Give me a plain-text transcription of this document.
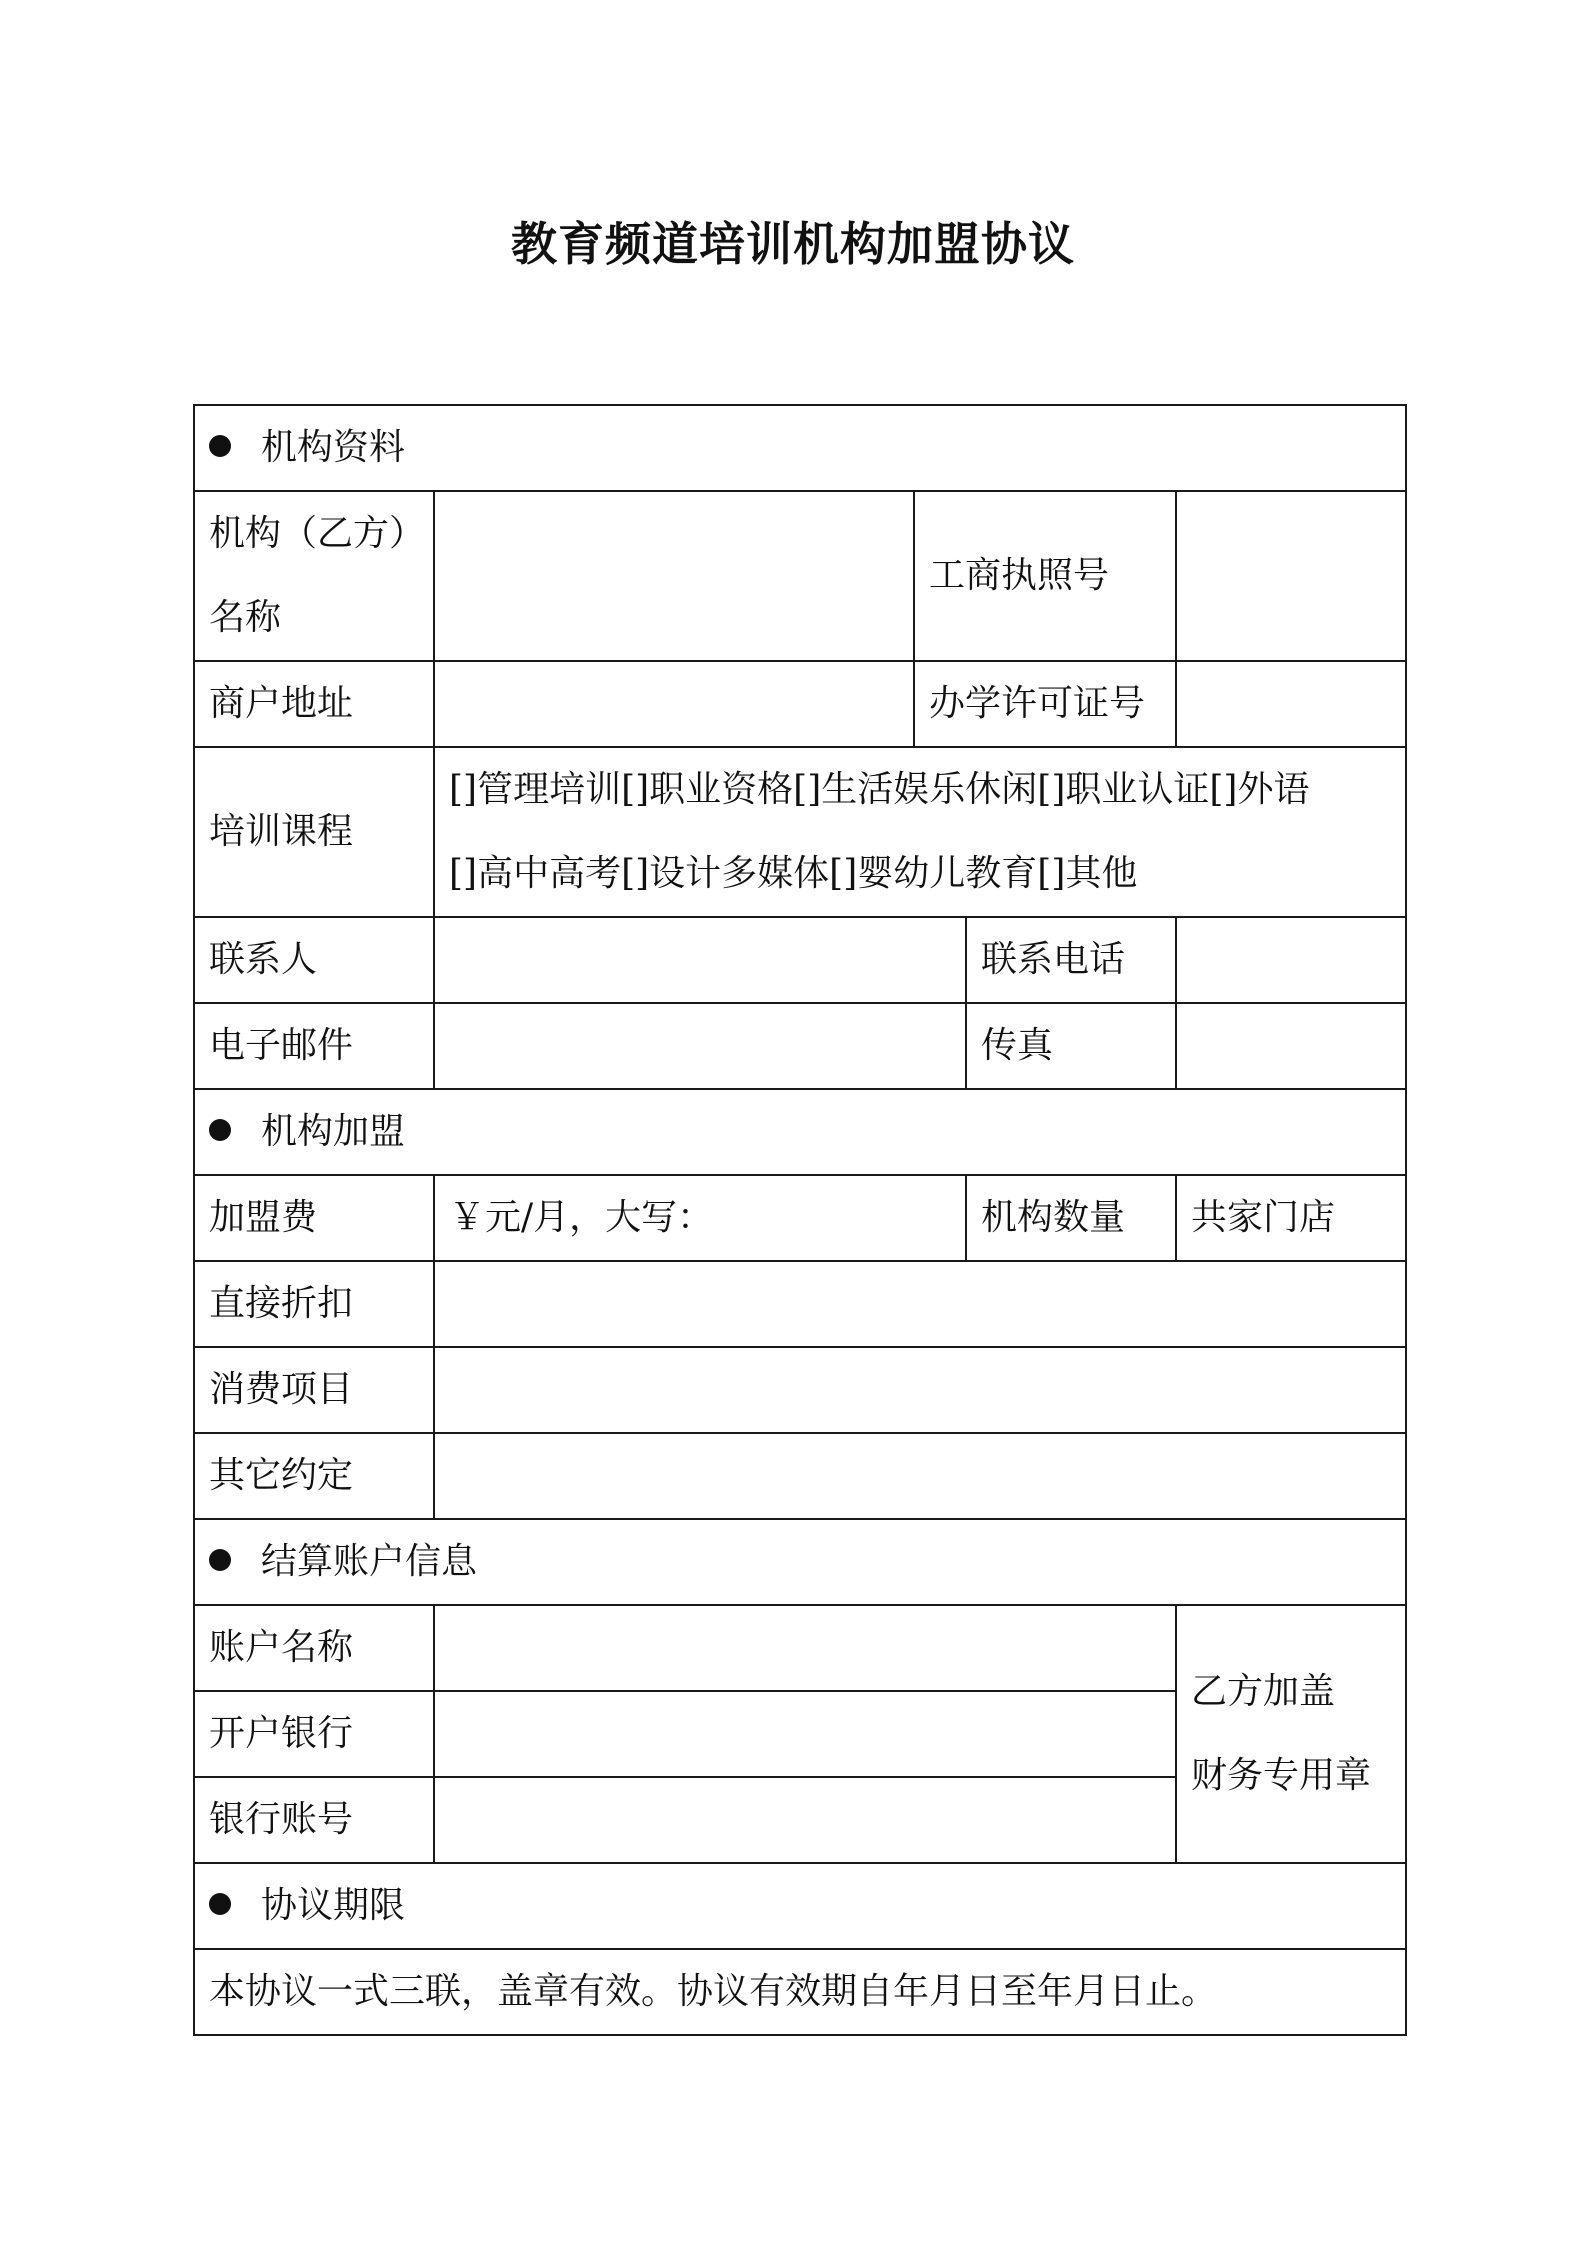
教育频道培训机构加盟协议
机构资料				

机构（乙方）
名称		工商执照号		
商户地址		办学许可证号		
培训课程	[]管理培训[]职业资格[]生活娱乐休闲[]职业认证[]外语
[]高中高考[]设计多媒体[]婴幼儿教育[]其他			

联系人			联系电话	
电子邮件			传真	
机构加盟				
加盟费	￥元/月，大写：		机构数量	共家门店
直接折扣				
消费项目				
其它约定				
结算账户信息				
账户名称				乙方加盖
财务专用章

开户银行				
银行账号				
协议期限				
本协议一式三联，盖章有效。协议有效期自年月日至年月日止。				
